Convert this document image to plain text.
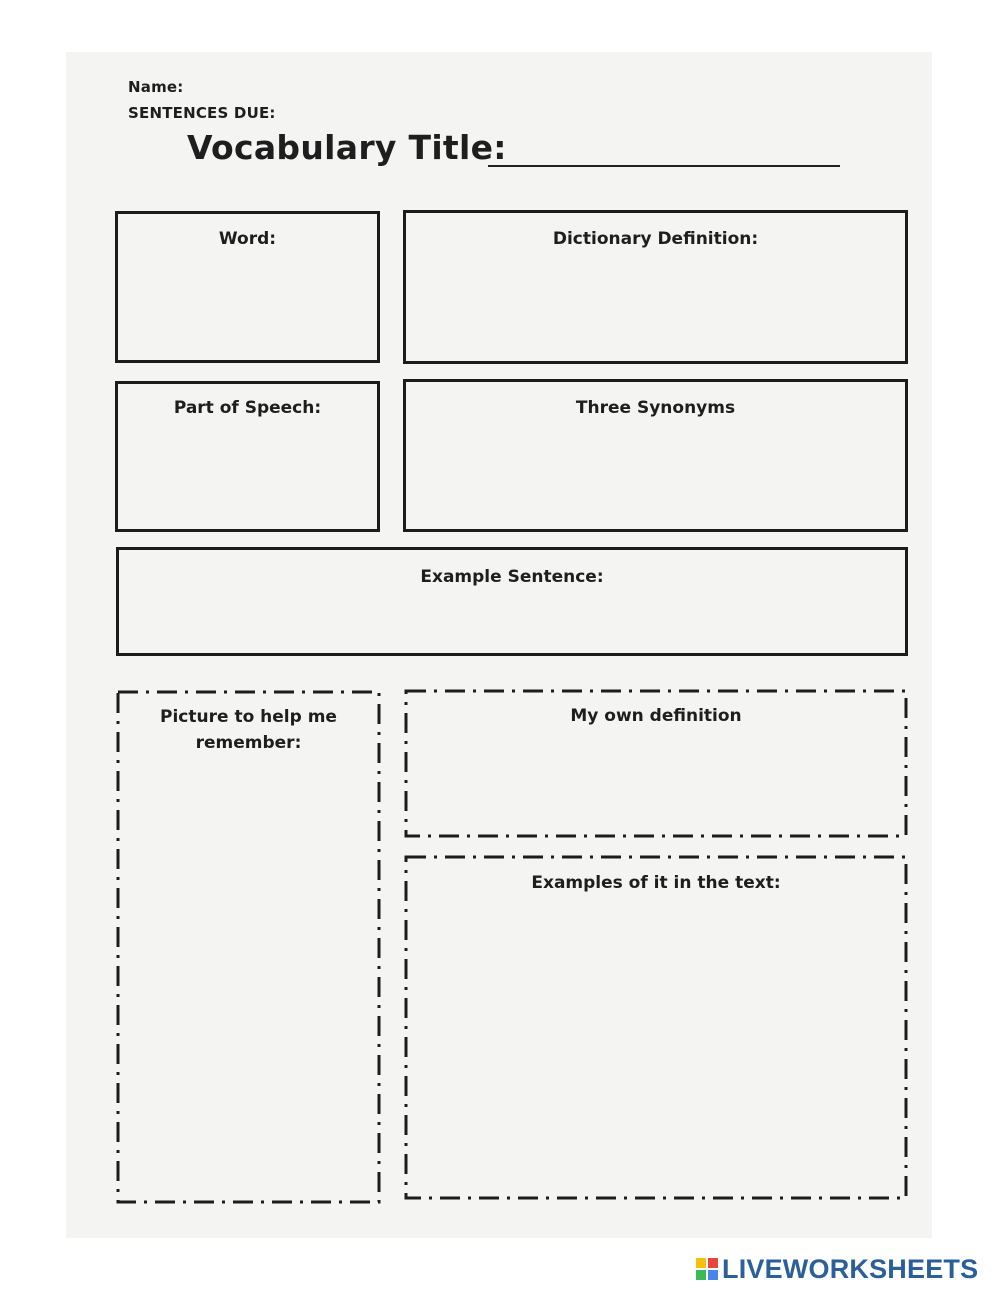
Name:
SENTENCES DUE:
Vocabulary Title:
Word:	Dictionary Definition:
Part of Speech:	Three Synonyms
Example Sentence:
Picture to help me remember:
My own definition
Examples of it in the text:
LIVEWORKSHEETS
